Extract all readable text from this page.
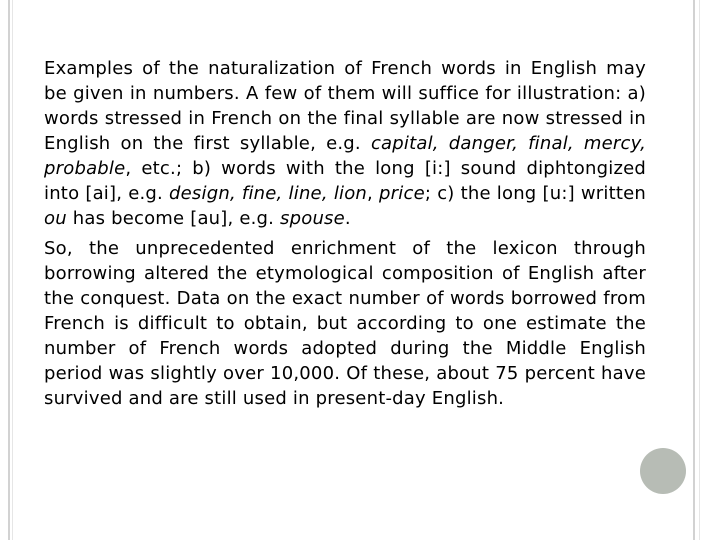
Examples of the naturalization of French words in English may be given in numbers. A few of them will suffice for illustration: a) words stressed in French on the final syllable are now stressed in English on the first syllable, e.g. capital, danger, final, mercy, probable, etc.; b) words with the long [i:] sound diphtongized into [ai], e.g. design, fine, line, lion, price; c) the long [u:] written ou has become [au], e.g. spouse.

So, the unprecedented enrichment of the lexicon through borrowing altered the etymological composition of English after the conquest. Data on the exact number of words borrowed from French is difficult to obtain, but according to one estimate the number of French words adopted during the Middle English period was slightly over 10,000. Of these, about 75 percent have survived and are still used in present-day English.
